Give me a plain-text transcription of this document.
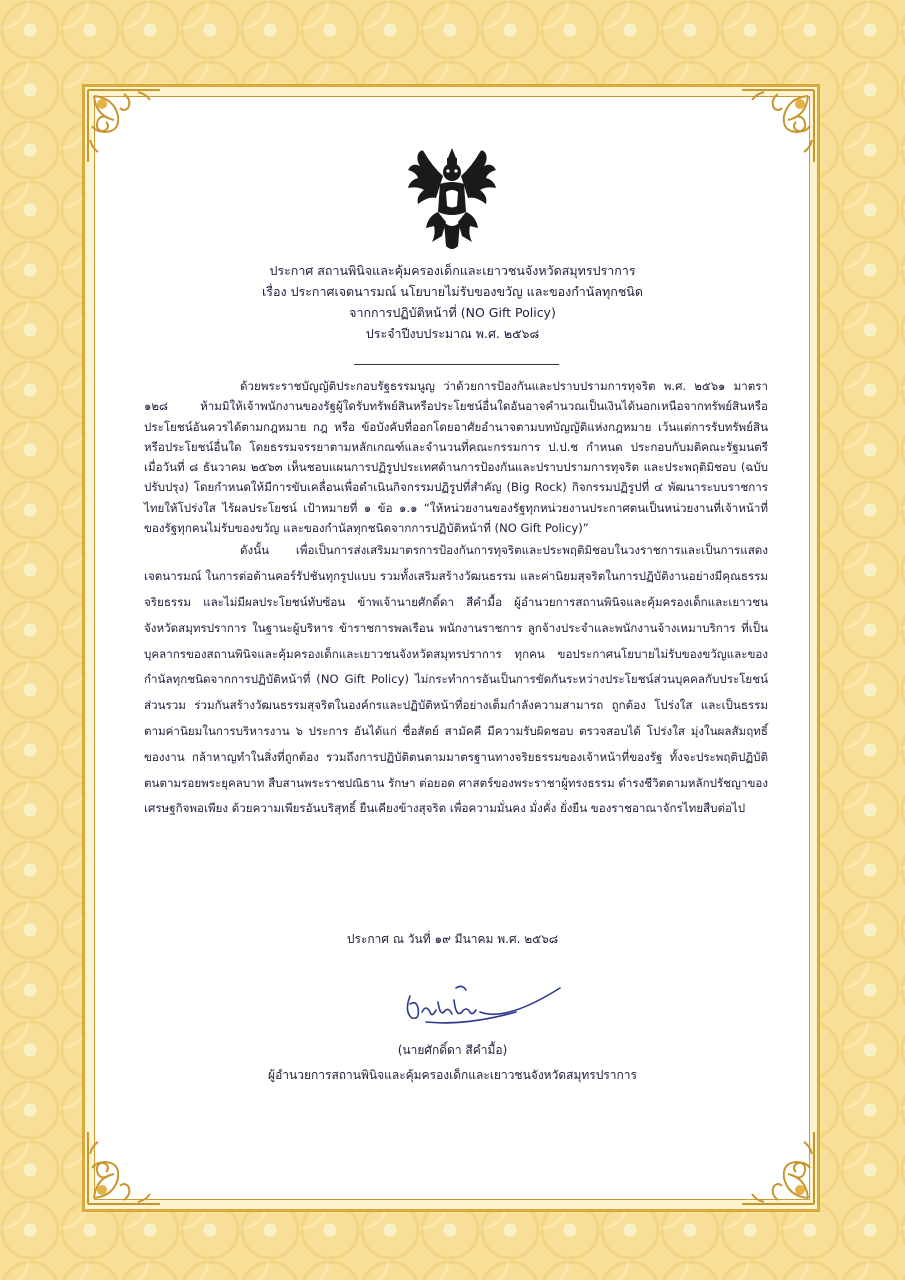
ประกาศ สถานพินิจและคุ้มครองเด็กและเยาวชนจังหวัดสมุทรปราการ
เรื่อง ประกาศเจตนารมณ์ นโยบายไม่รับของขวัญ และของกำนัลทุกชนิด
จากการปฏิบัติหน้าที่ (NO Gift Policy)
ประจำปีงบประมาณ พ.ศ. ๒๕๖๘

ด้วยพระราชบัญญัติประกอบรัฐธรรมนูญ ว่าด้วยการป้องกันและปราบปรามการทุจริต พ.ศ. ๒๕๖๑ มาตรา ๑๒๘ ห้ามมิให้เจ้าพนักงานของรัฐผู้ใดรับทรัพย์สินหรือประโยชน์อื่นใดอันอาจคำนวณเป็นเงินได้นอกเหนือจากทรัพย์สินหรือประโยชน์อันควรได้ตามกฎหมาย กฎ หรือ ข้อบังคับที่ออกโดยอาศัยอำนาจตามบทบัญญัติแห่งกฎหมาย เว้นแต่การรับทรัพย์สินหรือประโยชน์อื่นใด โดยธรรมจรรยาตามหลักเกณฑ์และจำนวนที่คณะกรรมการ ป.ป.ช กำหนด ประกอบกับมติคณะรัฐมนตรี เมื่อวันที่ ๘ ธันวาคม ๒๕๖๓ เห็นชอบแผนการปฏิรูปประเทศด้านการป้องกันและปราบปรามการทุจริต และประพฤติมิชอบ (ฉบับปรับปรุง) โดยกำหนดให้มีการขับเคลื่อนเพื่อดำเนินกิจกรรมปฏิรูปที่สำคัญ (Big Rock) กิจกรรมปฏิรูปที่ ๔ พัฒนาระบบราชการไทยให้โปร่งใส ไร้ผลประโยชน์ เป้าหมายที่ ๑ ข้อ ๑.๑ “ให้หน่วยงานของรัฐทุกหน่วยงานประกาศตนเป็นหน่วยงานที่เจ้าหน้าที่ ของรัฐทุกคนไม่รับของขวัญ และของกำนัลทุกชนิดจากการปฏิบัติหน้าที่ (NO Gift Policy)”

ดังนั้น เพื่อเป็นการส่งเสริมมาตรการป้องกันการทุจริตและประพฤติมิชอบในวงราชการและเป็นการแสดงเจตนารมณ์ ในการต่อต้านคอร์รัปชันทุกรูปแบบ รวมทั้งเสริมสร้างวัฒนธรรม และค่านิยมสุจริตในการปฏิบัติงานอย่างมีคุณธรรม จริยธรรม และไม่มีผลประโยชน์ทับซ้อน ข้าพเจ้านายศักดิ์ดา สีคำมื้อ ผู้อำนวยการสถานพินิจและคุ้มครองเด็กและเยาวชนจังหวัดสมุทรปราการ ในฐานะผู้บริหาร ข้าราชการพลเรือน พนักงานราชการ ลูกจ้างประจำและพนักงานจ้างเหมาบริการ ที่เป็นบุคลากรของสถานพินิจและคุ้มครองเด็กและเยาวชนจังหวัดสมุทรปราการ ทุกคน ขอประกาศนโยบายไม่รับของขวัญและของกำนัลทุกชนิดจากการปฏิบัติหน้าที่ (NO Gift Policy) ไม่กระทำการอันเป็นการขัดกันระหว่างประโยชน์ส่วนบุคคลกับประโยชน์ส่วนรวม ร่วมกันสร้างวัฒนธรรมสุจริตในองค์กรและปฏิบัติหน้าที่อย่างเต็มกำลังความสามารถ ถูกต้อง โปร่งใส และเป็นธรรม ตามค่านิยมในการบริหารงาน ๖ ประการ อันได้แก่ ซื่อสัตย์ สามัคคี มีความรับผิดชอบ ตรวจสอบได้ โปร่งใส มุ่งในผลสัมฤทธิ์ของงาน กล้าหาญทำในสิ่งที่ถูกต้อง รวมถึงการปฏิบัติตนตามมาตรฐานทางจริยธรรมของเจ้าหน้าที่ของรัฐ ทั้งจะประพฤติปฏิบัติตนตามรอยพระยุคลบาท สืบสานพระราชปณิธาน รักษา ต่อยอด ศาสตร์ของพระราชาผู้ทรงธรรม ดำรงชีวิตตามหลักปรัชญาของเศรษฐกิจพอเพียง ด้วยความเพียรอันบริสุทธิ์ ยืนเคียงข้างสุจริต เพื่อความมั่นคง มั่งคั่ง ยั่งยืน ของราชอาณาจักรไทยสืบต่อไป

ประกาศ ณ วันที่ ๑๙ มีนาคม พ.ศ. ๒๕๖๘
(นายศักดิ์ดา สีคำมื้อ)
ผู้อำนวยการสถานพินิจและคุ้มครองเด็กและเยาวชนจังหวัดสมุทรปราการ
